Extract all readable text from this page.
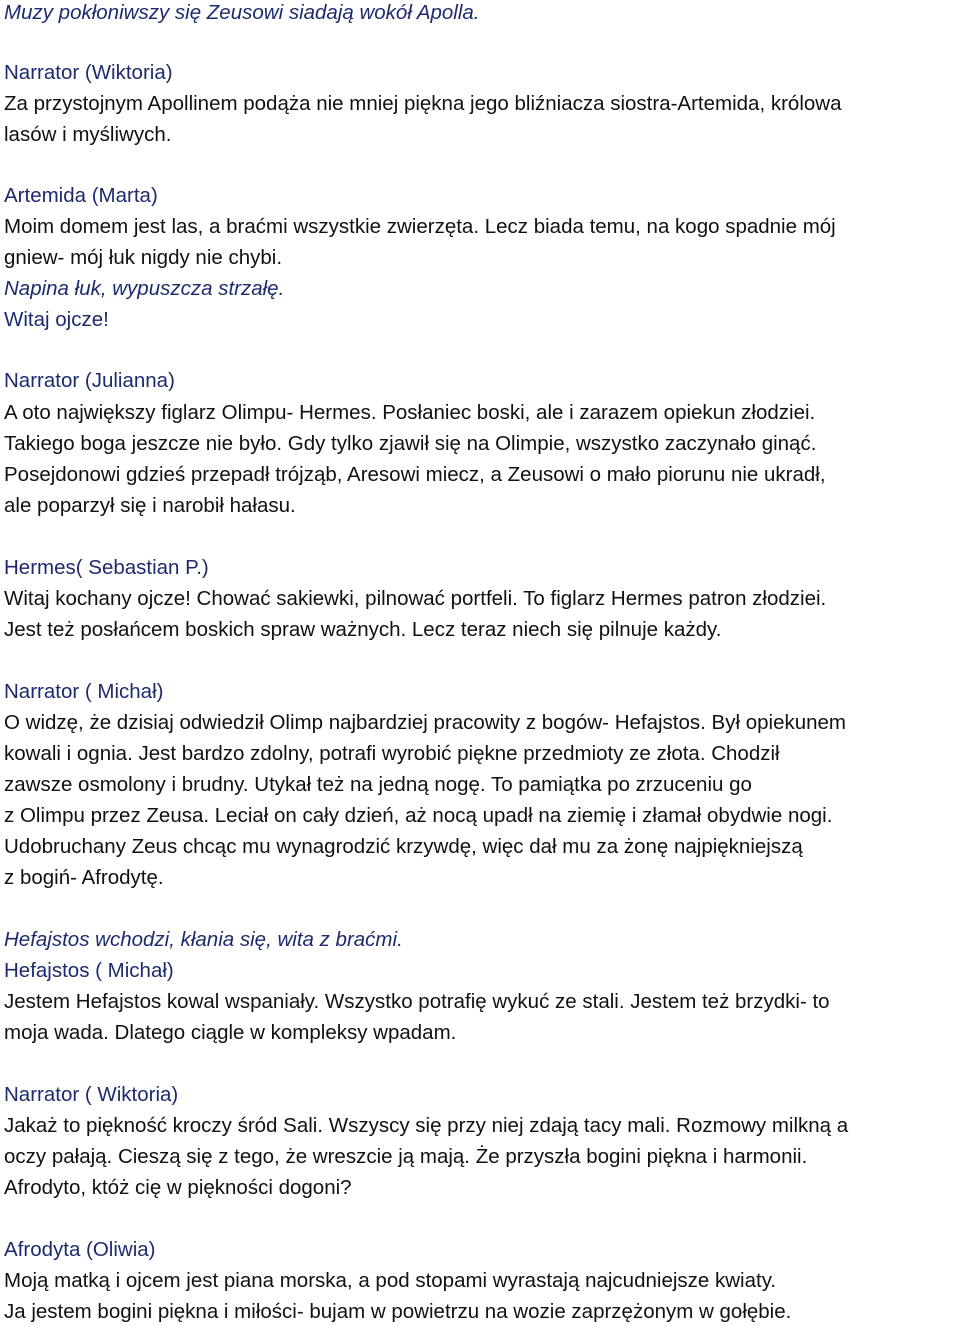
Muzy pokłoniwszy się Zeusowi siadają wokół Apolla.
Narrator (Wiktoria)
Za przystojnym Apollinem podąża nie mniej piękna jego bliźniacza siostra-Artemida, królowa
lasów i myśliwych.
Artemida (Marta)
Moim domem jest las, a braćmi wszystkie zwierzęta. Lecz biada temu, na kogo spadnie mój
gniew- mój łuk nigdy nie chybi.
Napina łuk, wypuszcza strzałę.
Witaj ojcze!
Narrator (Julianna)
A oto największy figlarz Olimpu- Hermes. Posłaniec boski, ale i zarazem opiekun złodziei.
Takiego boga jeszcze nie było. Gdy tylko zjawił się na Olimpie, wszystko zaczynało ginąć.
Posejdonowi gdzieś przepadł trójząb, Aresowi miecz, a Zeusowi o mało piorunu nie ukradł,
ale poparzył się i narobił hałasu.
Hermes( Sebastian P.)
Witaj kochany ojcze! Chować sakiewki, pilnować portfeli. To figlarz Hermes patron złodziei.
Jest też posłańcem boskich spraw ważnych. Lecz teraz niech się pilnuje każdy.
Narrator ( Michał)
O widzę, że dzisiaj odwiedził Olimp najbardziej pracowity z bogów- Hefajstos. Był opiekunem
kowali i ognia. Jest bardzo zdolny, potrafi wyrobić piękne przedmioty ze złota. Chodził
zawsze osmolony i brudny. Utykał też na jedną nogę. To pamiątka po zrzuceniu go
z Olimpu przez Zeusa. Leciał on cały dzień, aż nocą upadł na ziemię i złamał obydwie nogi.
Udobruchany Zeus chcąc mu wynagrodzić krzywdę, więc dał mu za żonę najpiękniejszą
z bogiń- Afrodytę.
Hefajstos wchodzi, kłania się, wita z braćmi.
Hefajstos ( Michał)
Jestem Hefajstos kowal wspaniały. Wszystko potrafię wykuć ze stali. Jestem też brzydki- to
moja wada. Dlatego ciągle w kompleksy wpadam.
Narrator ( Wiktoria)
Jakaż to piękność kroczy śród Sali. Wszyscy się przy niej zdają tacy mali. Rozmowy milkną a
oczy pałają. Cieszą się z tego, że wreszcie ją mają. Że przyszła bogini piękna i harmonii.
Afrodyto, któż cię w piękności dogoni?
Afrodyta (Oliwia)
Moją matką i ojcem jest piana morska, a pod stopami wyrastają najcudniejsze kwiaty.
Ja jestem bogini piękna i miłości- bujam w powietrzu na wozie zaprzężonym w gołębie.
